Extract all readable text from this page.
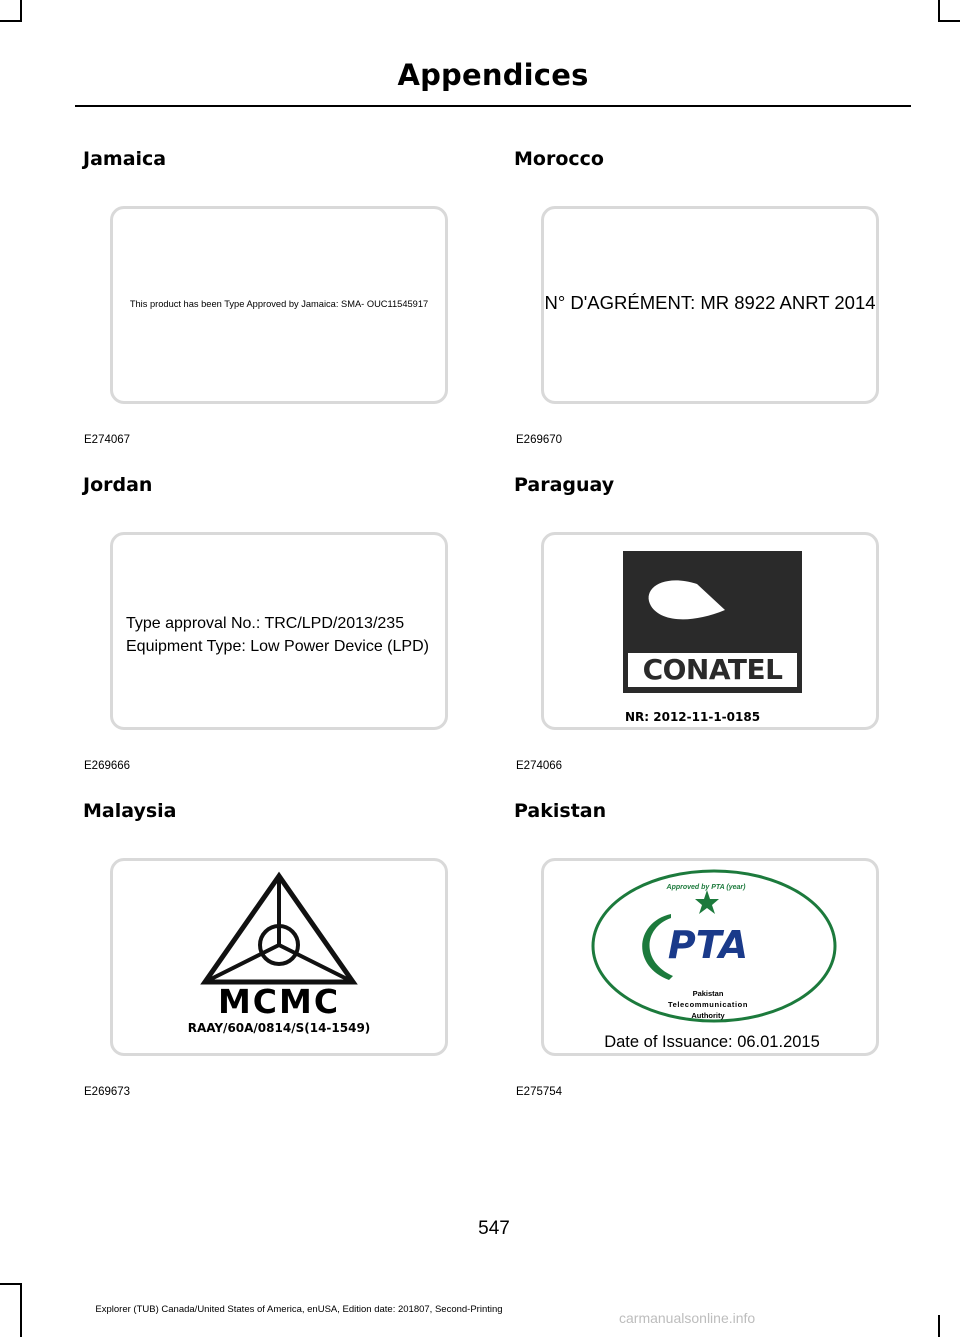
Appendices
Jamaica
This product has been Type Approved by Jamaica: SMA- OUC11545917
E274067
Morocco
N° D'AGRÉMENT: MR 8922 ANRT 2014
E269670
Jordan
Type approval No.: TRC/LPD/2013/235
Equipment Type: Low Power Device (LPD)
E269666
Paraguay
CONATEL
NR: 2012-11-1-0185
E274066
Malaysia
MCMC
RAAY/60A/0814/S(14-1549)
E269673
Pakistan
Approved by PTA (year)
PTA
Pakistan
Telecommunication
Authority
Date of Issuance: 06.01.2015
E275754
547
Explorer (TUB) Canada/United States of America, enUSA, Edition date: 201807, Second-Printing
carmanualsonline.info
